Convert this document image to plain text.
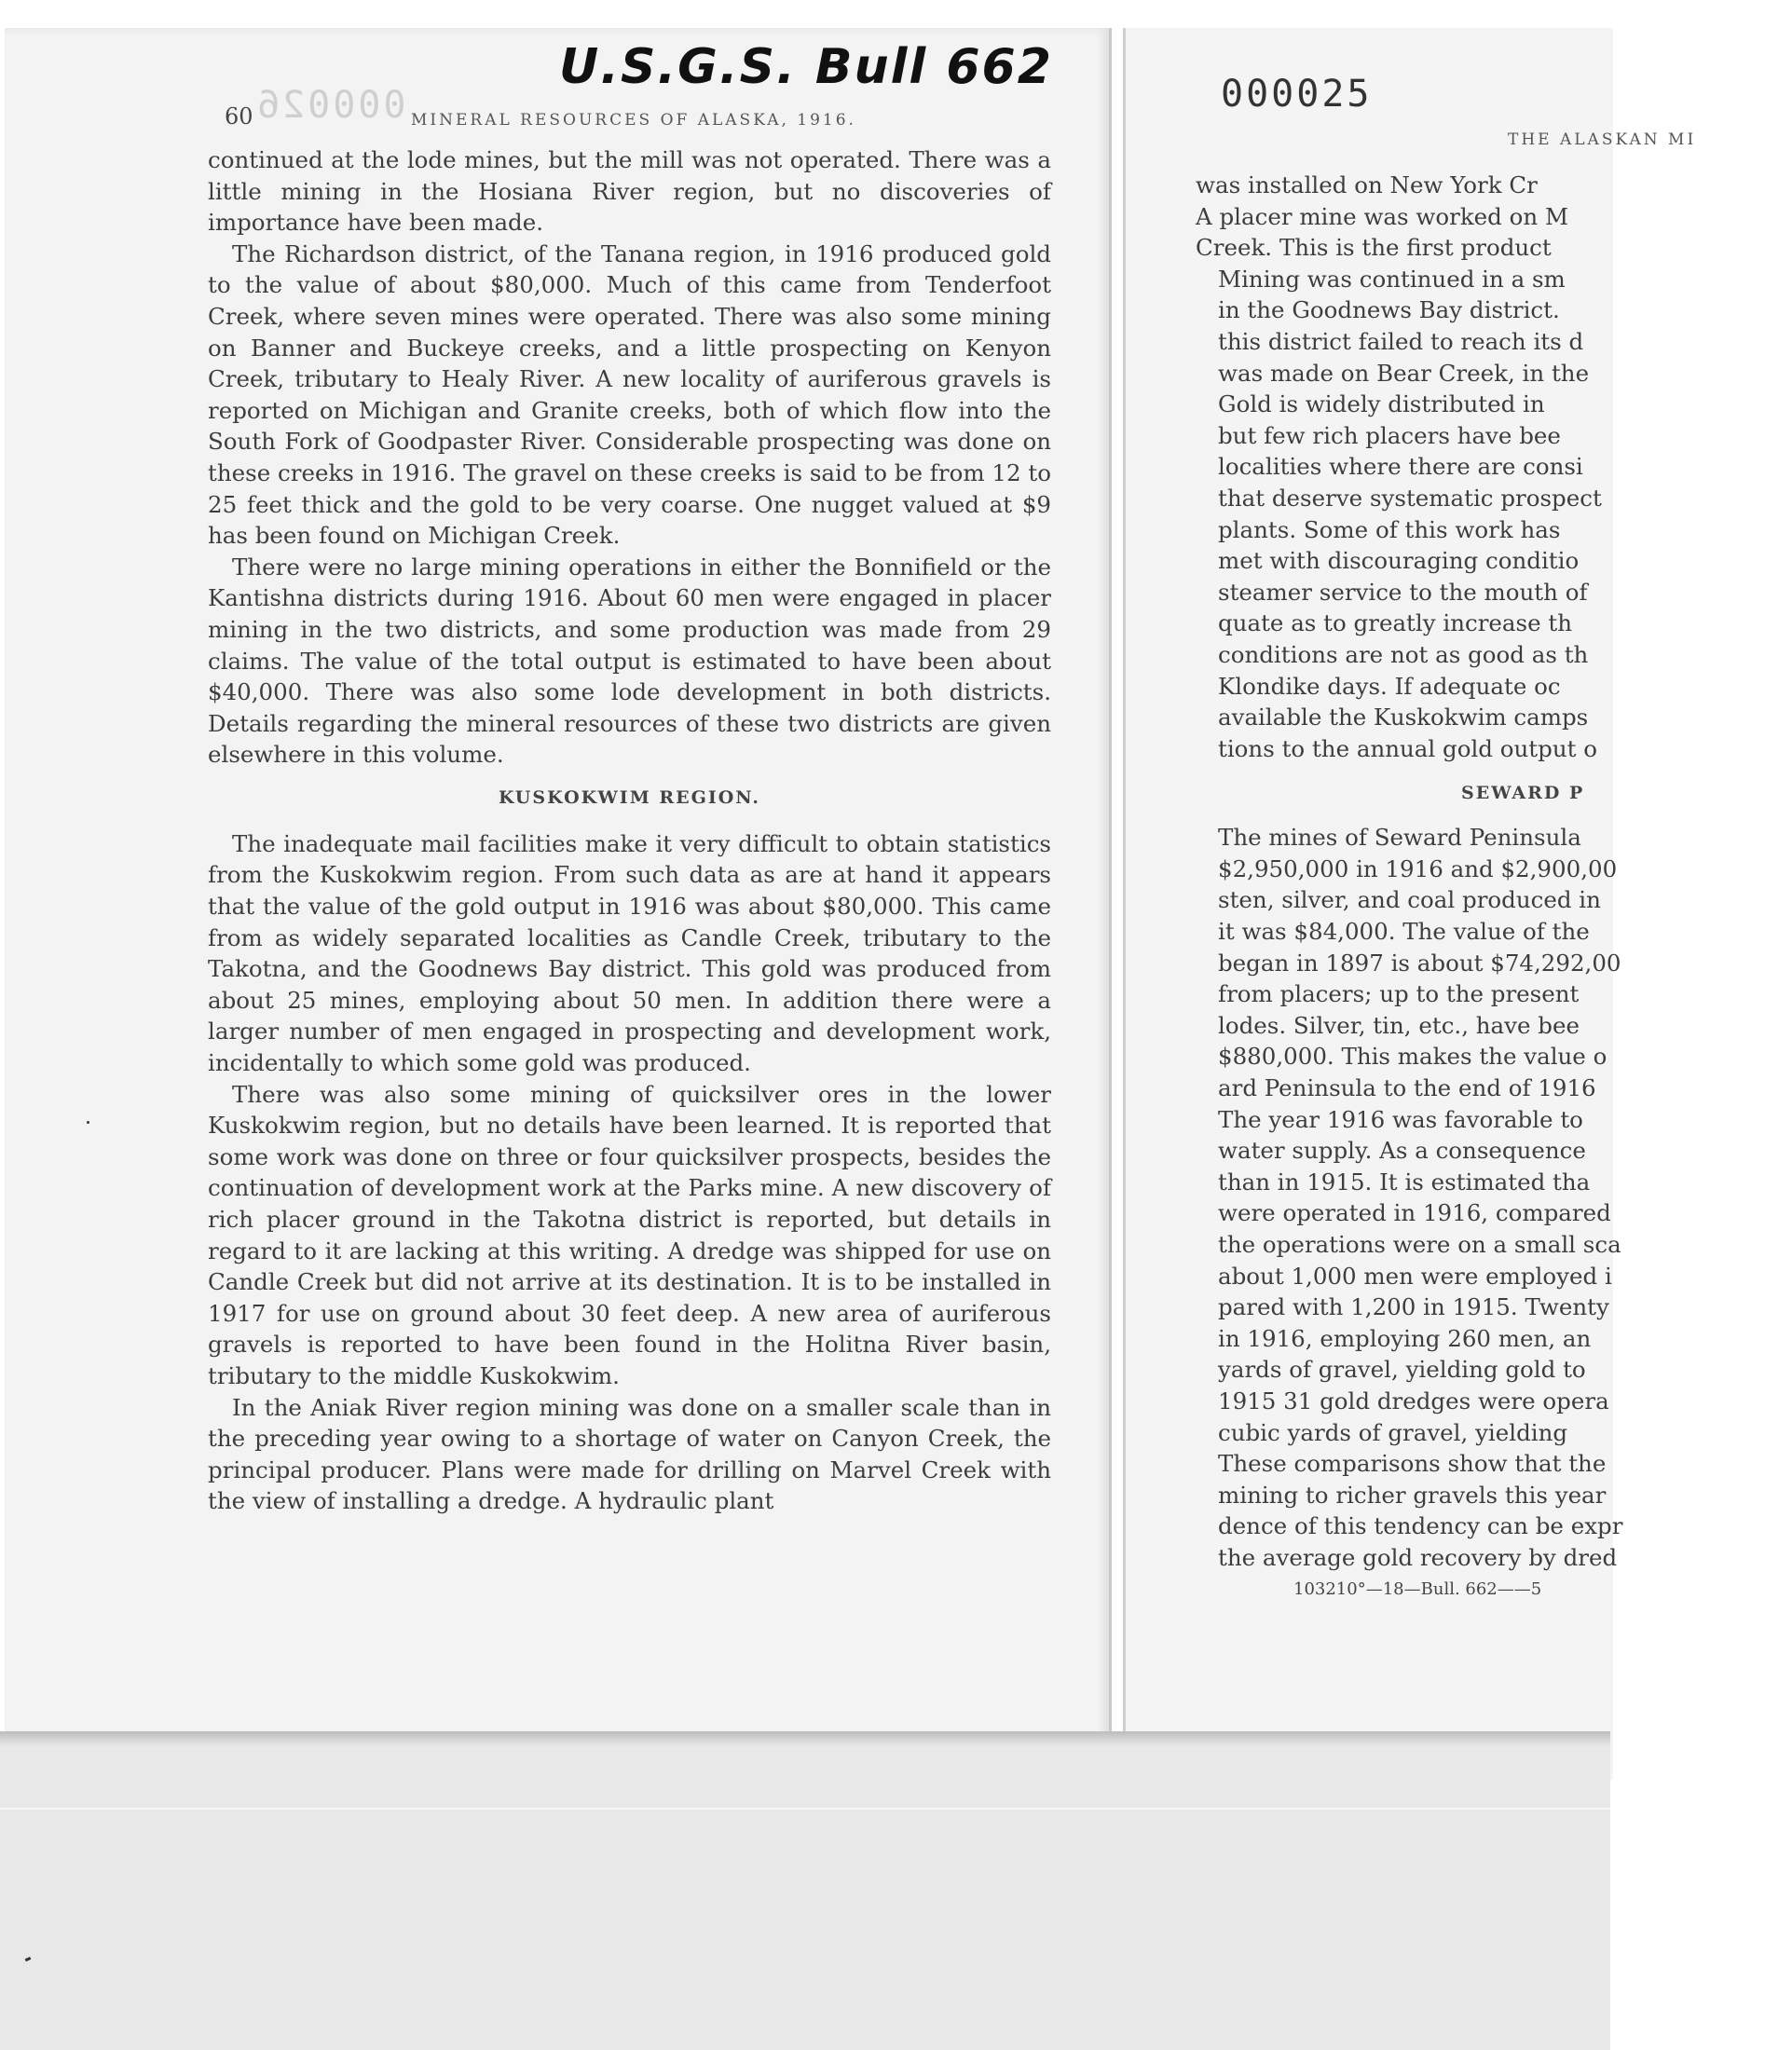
000026
60	MINERAL RESOURCES OF ALASKA, 1916.

continued at the lode mines, but the mill was not operated. There was a little mining in the Hosiana River region, but no discoveries of importance have been made.

The Richardson district, of the Tanana region, in 1916 produced gold to the value of about $80,000. Much of this came from Tenderfoot Creek, where seven mines were operated. There was also some mining on Banner and Buckeye creeks, and a little prospecting on Kenyon Creek, tributary to Healy River. A new locality of auriferous gravels is reported on Michigan and Granite creeks, both of which flow into the South Fork of Goodpaster River. Considerable prospecting was done on these creeks in 1916. The gravel on these creeks is said to be from 12 to 25 feet thick and the gold to be very coarse. One nugget valued at $9 has been found on Michigan Creek.

There were no large mining operations in either the Bonnifield or the Kantishna districts during 1916. About 60 men were engaged in placer mining in the two districts, and some production was made from 29 claims. The value of the total output is estimated to have been about $40,000. There was also some lode development in both districts. Details regarding the mineral resources of these two districts are given elsewhere in this volume.

KUSKOKWIM REGION.

The inadequate mail facilities make it very difficult to obtain statistics from the Kuskokwim region. From such data as are at hand it appears that the value of the gold output in 1916 was about $80,000. This came from as widely separated localities as Candle Creek, tributary to the Takotna, and the Goodnews Bay district. This gold was produced from about 25 mines, employing about 50 men. In addition there were a larger number of men engaged in prospecting and development work, incidentally to which some gold was produced.

There was also some mining of quicksilver ores in the lower Kuskokwim region, but no details have been learned. It is reported that some work was done on three or four quicksilver prospects, besides the continuation of development work at the Parks mine. A new discovery of rich placer ground in the Takotna district is reported, but details in regard to it are lacking at this writing. A dredge was shipped for use on Candle Creek but did not arrive at its destination. It is to be installed in 1917 for use on ground about 30 feet deep. A new area of auriferous gravels is reported to have been found in the Holitna River basin, tributary to the middle Kuskokwim.

In the Aniak River region mining was done on a smaller scale than in the preceding year owing to a shortage of water on Canyon Creek, the principal producer. Plans were made for drilling on Marvel Creek with the view of installing a dredge. A hydraulic plant

THE ALASKAN MI

was installed on New York Cr
A placer mine was worked on M
Creek. This is the first product

Mining was continued in a sm
in the Goodnews Bay district.
this district failed to reach its d
was made on Bear Creek, in the

Gold is widely distributed in
but few rich placers have bee
localities where there are consi
that deserve systematic prospect
plants. Some of this work has
met with discouraging conditio
steamer service to the mouth of
quate as to greatly increase th
conditions are not as good as th
Klondike days. If adequate oc
available the Kuskokwim camps
tions to the annual gold output o

SEWARD P

The mines of Seward Peninsula
$2,950,000 in 1916 and $2,900,00
sten, silver, and coal produced in
it was $84,000. The value of the
began in 1897 is about $74,292,00
from placers; up to the present
lodes. Silver, tin, etc., have bee
$880,000. This makes the value o
ard Peninsula to the end of 1916

The year 1916 was favorable to
water supply. As a consequence
than in 1915. It is estimated tha
were operated in 1916, compared
the operations were on a small sca
about 1,000 men were employed i
pared with 1,200 in 1915. Twenty
in 1916, employing 260 men, an
yards of gravel, yielding gold to
1915 31 gold dredges were opera
cubic yards of gravel, yielding
These comparisons show that the
mining to richer gravels this year
dence of this tendency can be expr
the average gold recovery by dred

103210°—18—Bull. 662——5
U.S.G.S. Bull 662	000025
